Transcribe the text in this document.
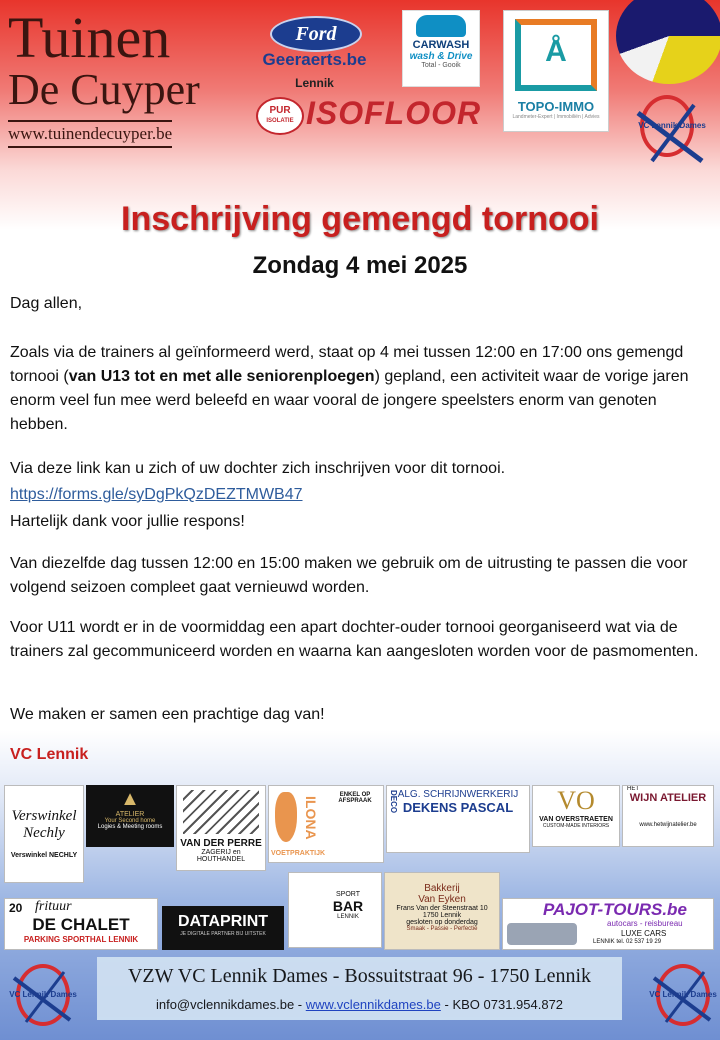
Tuinen
De Cuyper
www.tuinendecuyper.be
Ford
Geeraerts.be
Lennik
PUR
ISOLATIE ISOFLOOR
CARWASH
wash & Drive
Total - Gooik	Å
TOPO-IMMO
Landmeter-Expert | Immobiliën | Advies
VC Lennik Dames
Inschrijving gemengd tornooi
Zondag 4 mei 2025
Dag allen,
Zoals via de trainers al geïnformeerd werd, staat op 4 mei tussen 12:00 en 17:00 ons gemengd tornooi (van U13 tot en met alle seniorenploegen) gepland, een activiteit waar de vorige jaren enorm veel fun mee werd beleefd en waar vooral de jongere speelsters enorm van genoten hebben.
Via deze link kan u zich of uw dochter zich inschrijven voor dit tornooi.
https://forms.gle/syDgPkQzDEZTMWB47
Hartelijk dank voor jullie respons!
Van diezelfde dag tussen 12:00 en 15:00 maken we gebruik om de uitrusting te passen die voor volgend seizoen compleet gaat vernieuwd worden.
Voor U11 wordt er in de voormiddag een apart dochter-ouder tornooi georganiseerd wat via de trainers zal gecommuniceerd worden en waarna kan aangesloten worden voor de pasmomenten.
We maken er samen een prachtige dag van!
VC Lennik
Verswinkel Nechly
Verswinkel NECHLY
▲
ATELIER
Your Second home
Logies & Meeting rooms
VAN DER PERRE
ZAGERIJ en HOUTHANDEL
ILONA
ENKEL OP AFSPRAAK
VOETPRAKTIJK
DECO ALG. SCHRIJNWERKERIJ
DEKENS PASCAL	VO
VAN OVERSTRAETEN
CUSTOM-MADE INTERIORS
HET
WIJN ATELIER
www.hetwijnatelier.be
20 frituur
DE CHALET
PARKING SPORTHAL LENNIK
DATAPRINT
JE DIGITALE PARTNER BIJ UITSTEK
SPORT
BAR
LENNIK
Bakkerij
Van Eyken
Frans Van der Steenstraat 10
1750 Lennik
gesloten op donderdag
Smaak - Passie - Perfectie
PAJOT-TOURS.be
autocars - reisbureau
LUXE CARS
LENNIK tel. 02 537 19 29
VC Lennik Dames	VC Lennik Dames
VZW VC Lennik Dames - Bossuitstraat 96 - 1750 Lennik
info@vclennikdames.be - www.vclennikdames.be - KBO 0731.954.872
